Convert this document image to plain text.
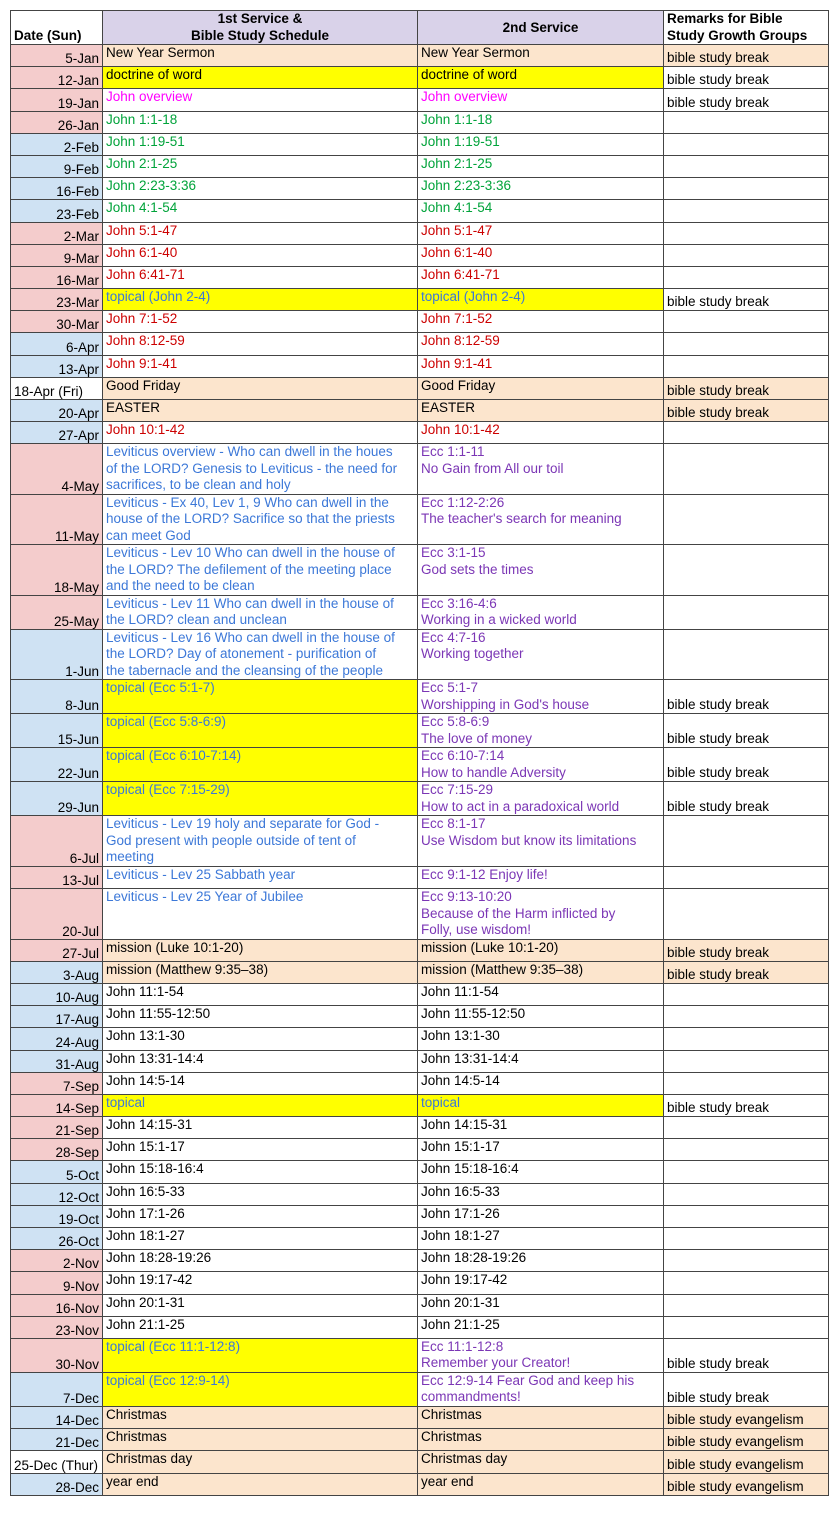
Date (Sun)	1st Service &
Bible Study Schedule	2nd Service	Remarks for Bible
Study Growth Groups

5-Jan	New Year Sermon	New Year Sermon	bible study break
12-Jan	doctrine of word	doctrine of word	bible study break
19-Jan	John overview	John overview	bible study break
26-Jan	John 1:1-18	John 1:1-18	

2-Feb	John 1:19-51	John 1:19-51	

9-Feb	John 2:1-25	John 2:1-25	

16-Feb	John 2:23-3:36	John 2:23-3:36	

23-Feb	John 4:1-54	John 4:1-54	

2-Mar	John 5:1-47	John 5:1-47	

9-Mar	John 6:1-40	John 6:1-40	

16-Mar	John 6:41-71	John 6:41-71	

23-Mar	topical (John 2-4)	topical (John 2-4)	bible study break
30-Mar	John 7:1-52	John 7:1-52	

6-Apr	John 8:12-59	John 8:12-59	

13-Apr	John 9:1-41	John 9:1-41	

18-Apr (Fri)	Good Friday	Good Friday	bible study break
20-Apr	EASTER	EASTER	bible study break
27-Apr	John 10:1-42	John 10:1-42	

4-May	Leviticus overview - Who can dwell in the houes
of the LORD? Genesis to Leviticus - the need for
sacrifices, to be clean and holy	Ecc 1:1-11
No Gain from All our toil	

11-May	Leviticus - Ex 40, Lev 1, 9 Who can dwell in the
house of the LORD? Sacrifice so that the priests
can meet God	Ecc 1:12-2:26
The teacher's search for meaning	

18-May	Leviticus - Lev 10 Who can dwell in the house of
the LORD? The defilement of the meeting place
and the need to be clean	Ecc 3:1-15
God sets the times	

25-May	Leviticus - Lev 11 Who can dwell in the house of
the LORD? clean and unclean	Ecc 3:16-4:6
Working in a wicked world	

1-Jun	Leviticus - Lev 16 Who can dwell in the house of
the LORD? Day of atonement - purification of
the tabernacle and the cleansing of the people	Ecc 4:7-16
Working together	

8-Jun	topical (Ecc 5:1-7)	Ecc 5:1-7
Worshipping in God's house	bible study break
15-Jun	topical (Ecc 5:8-6:9)	Ecc 5:8-6:9
The love of money	bible study break
22-Jun	topical (Ecc 6:10-7:14)	Ecc 6:10-7:14
How to handle Adversity	bible study break
29-Jun	topical (Ecc 7:15-29)	Ecc 7:15-29
How to act in a paradoxical world	bible study break
6-Jul	Leviticus - Lev 19 holy and separate for God -
God present with people outside of tent of
meeting	Ecc 8:1-17
Use Wisdom but know its limitations	

13-Jul	Leviticus - Lev 25 Sabbath year	Ecc 9:1-12 Enjoy life!	

20-Jul	Leviticus - Lev 25 Year of Jubilee	Ecc 9:13-10:20
Because of the Harm inflicted by
Folly, use wisdom!	

27-Jul	mission (Luke 10:1-20)	mission (Luke 10:1-20)	bible study break
3-Aug	mission (Matthew 9:35–38)	mission (Matthew 9:35–38)	bible study break
10-Aug	John 11:1-54	John 11:1-54	

17-Aug	John 11:55-12:50	John 11:55-12:50	

24-Aug	John 13:1-30	John 13:1-30	

31-Aug	John 13:31-14:4	John 13:31-14:4	

7-Sep	John 14:5-14	John 14:5-14	

14-Sep	topical	topical	bible study break
21-Sep	John 14:15-31	John 14:15-31	

28-Sep	John 15:1-17	John 15:1-17	

5-Oct	John 15:18-16:4	John 15:18-16:4	

12-Oct	John 16:5-33	John 16:5-33	

19-Oct	John 17:1-26	John 17:1-26	

26-Oct	John 18:1-27	John 18:1-27	

2-Nov	John 18:28-19:26	John 18:28-19:26	

9-Nov	John 19:17-42	John 19:17-42	

16-Nov	John 20:1-31	John 20:1-31	

23-Nov	John 21:1-25	John 21:1-25	

30-Nov	topical (Ecc 11:1-12:8)	Ecc 11:1-12:8
Remember your Creator!	bible study break
7-Dec	topical (Ecc 12:9-14)	Ecc 12:9-14 Fear God and keep his
commandments!	bible study break
14-Dec	Christmas	Christmas	bible study evangelism
21-Dec	Christmas	Christmas	bible study evangelism
25-Dec (Thur)	Christmas day	Christmas day	bible study evangelism
28-Dec	year end	year end	bible study evangelism
